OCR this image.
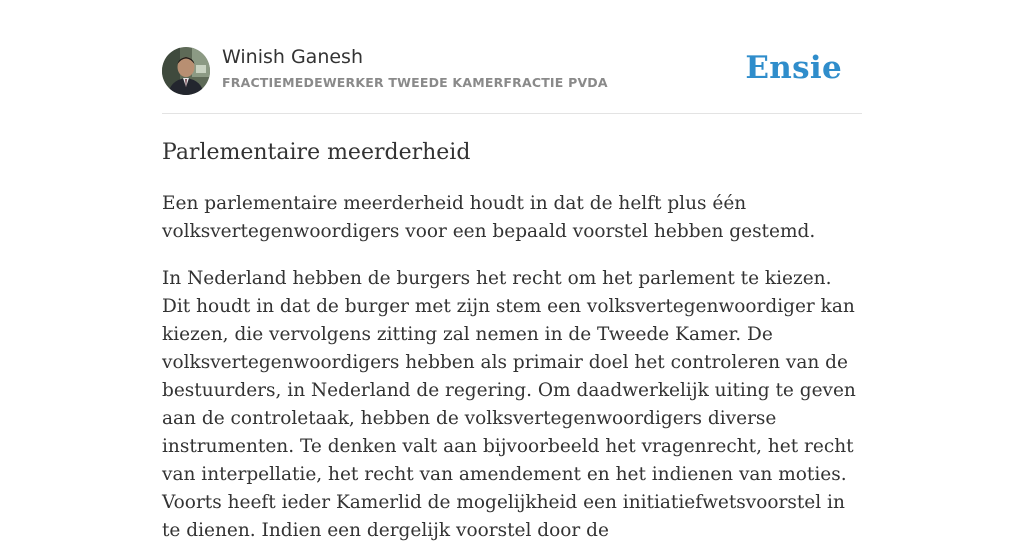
Winish Ganesh
FRACTIEMEDEWERKER TWEEDE KAMERFRACTIE PVDA	Ensie
Parlementaire meerderheid

Een parlementaire meerderheid houdt in dat de helft plus één volksvertegenwoordigers voor een bepaald voorstel hebben gestemd.

In Nederland hebben de burgers het recht om het parlement te kiezen. Dit houdt in dat de burger met zijn stem een volksvertegenwoordiger kan kiezen, die vervolgens zitting zal nemen in de Tweede Kamer. De volksvertegenwoordigers hebben als primair doel het controleren van de bestuurders, in Nederland de regering. Om daadwerkelijk uiting te geven aan de controletaak, hebben de volksvertegenwoordigers diverse instrumenten. Te denken valt aan bijvoorbeeld het vragenrecht, het recht van interpellatie, het recht van amendement en het indienen van moties. Voorts heeft ieder Kamerlid de mogelijkheid een initiatiefwetsvoorstel in te dienen. Indien een dergelijk voorstel door de
